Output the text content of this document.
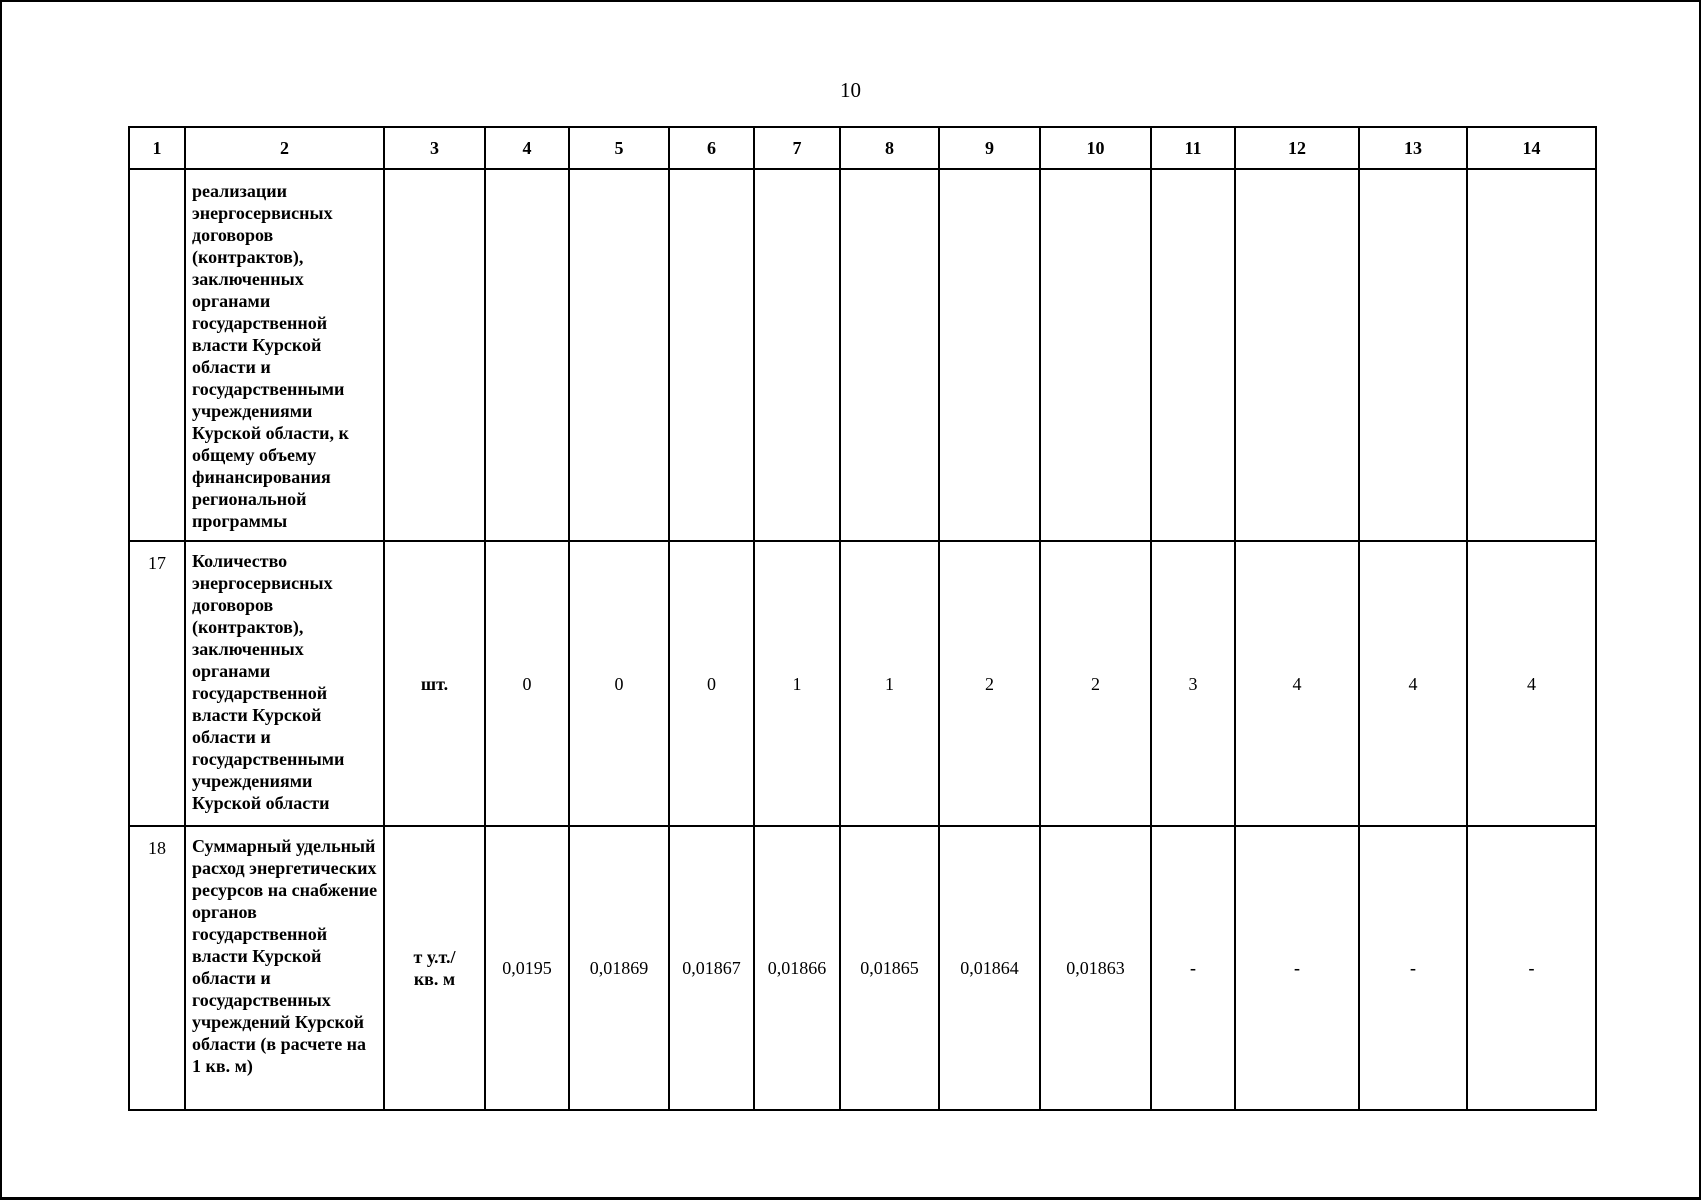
10
1	2	3	4	5	6	7	8	9	10	11	12	13	14
	реализации энергосервисных договоров (контрактов), заключенных органами государственной власти Курской области и государственными учреждениями Курской области, к общему объему финансирования региональной программы												
17	Количество энергосервисных договоров (контрактов), заключенных органами государственной власти Курской области и государственными учреждениями Курской области	шт.	0	0	0	1	1	2	2	3	4	4	4
18	Суммарный удельный расход энергетических ресурсов на снабжение органов государственной власти Курской области и государственных учреждений Курской области (в расчете на 1 кв. м)	т у.т./ кв. м	0,0195	0,01869	0,01867	0,01866	0,01865	0,01864	0,01863	-	-	-	-
